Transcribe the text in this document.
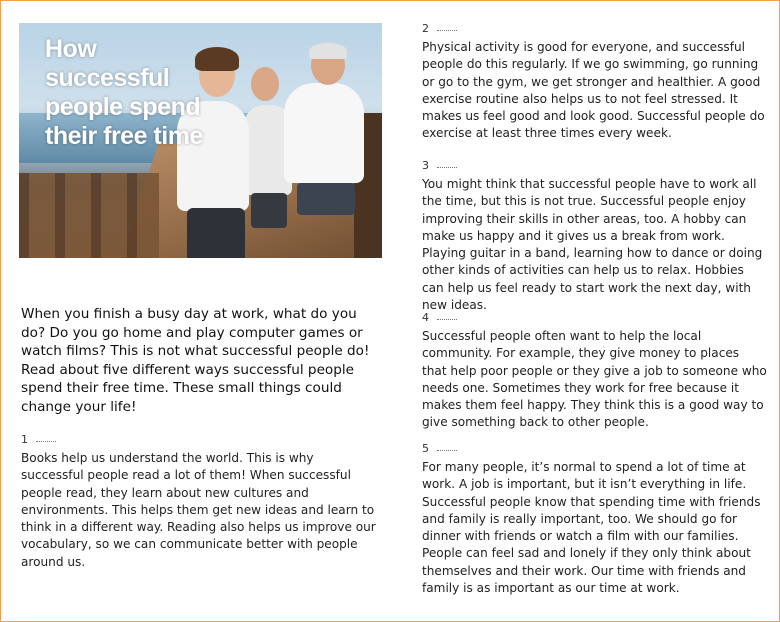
How successful people spend their free time
When you finish a busy day at work, what do you do? Do you go home and play computer games or watch films? This is not what successful people do! Read about five different ways successful people spend their free time. These small things could change your life!
1
Books help us understand the world. This is why successful people read a lot of them! When successful people read, they learn about new cultures and environments. This helps them get new ideas and learn to think in a different way. Reading also helps us improve our vocabulary, so we can communicate better with people around us.
2
Physical activity is good for everyone, and successful people do this regularly. If we go swimming, go running or go to the gym, we get stronger and healthier. A good exercise routine also helps us to not feel stressed. It makes us feel good and look good. Successful people do exercise at least three times every week.
3
You might think that successful people have to work all the time, but this is not true. Successful people enjoy improving their skills in other areas, too. A hobby can make us happy and it gives us a break from work. Playing guitar in a band, learning how to dance or doing other kinds of activities can help us to relax. Hobbies can help us feel ready to start work the next day, with new ideas.
4
Successful people often want to help the local community. For example, they give money to places that help poor people or they give a job to someone who needs one. Sometimes they work for free because it makes them feel happy. They think this is a good way to give something back to other people.
5
For many people, it’s normal to spend a lot of time at work. A job is important, but it isn’t everything in life. Successful people know that spending time with friends and family is really important, too. We should go for dinner with friends or watch a film with our families. People can feel sad and lonely if they only think about themselves and their work. Our time with friends and family is as important as our time at work.
